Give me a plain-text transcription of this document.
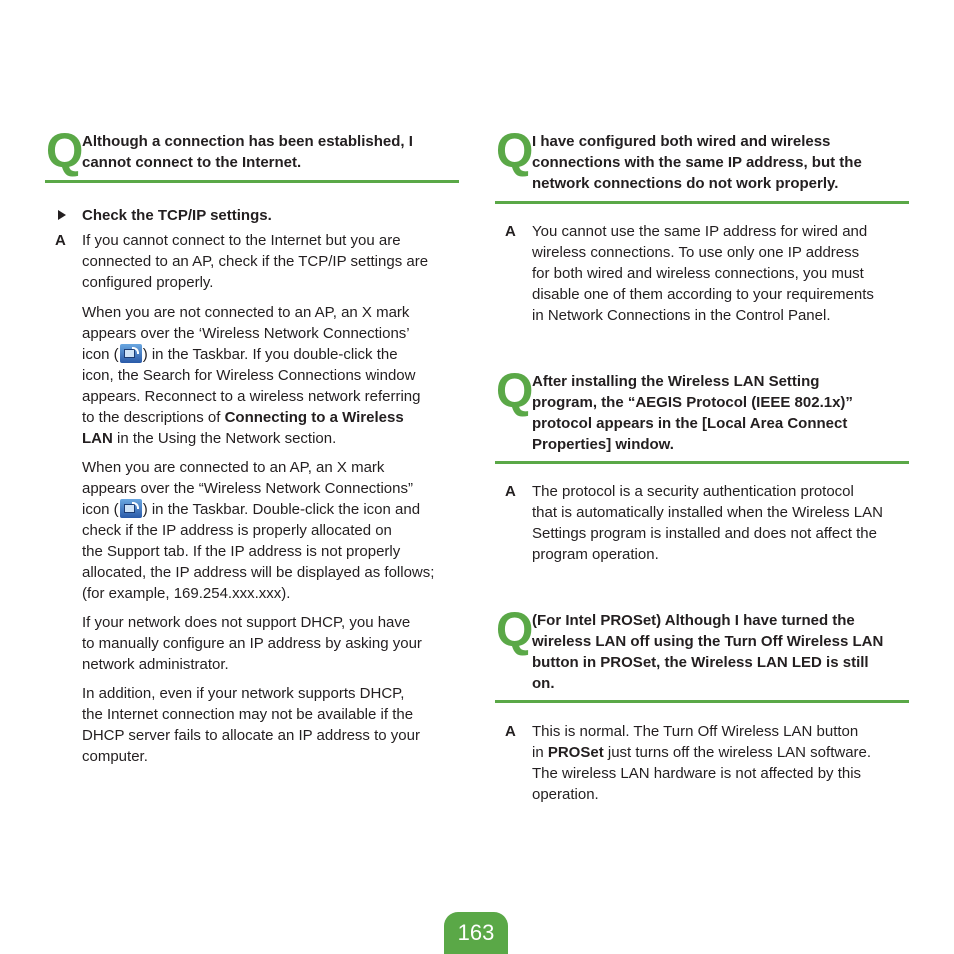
Q
Although a connection has been established, I
cannot connect to the Internet.
Check the TCP/IP settings.
A If you cannot connect to the Internet but you are
connected to an AP, check if the TCP/IP settings are
configured properly.
When you are not connected to an AP, an X mark
appears over the ‘Wireless Network Connections’
icon ( ) in the Taskbar. If you double-click the
icon, the Search for Wireless Connections window
appears. Reconnect to a wireless network referring
to the descriptions of Connecting to a Wireless
LAN in the Using the Network section.
When you are connected to an AP, an X mark
appears over the “Wireless Network Connections”
icon ( ) in the Taskbar. Double-click the icon and
check if the IP address is properly allocated on
the Support tab. If the IP address is not properly
allocated, the IP address will be displayed as follows;
(for example, 169.254.xxx.xxx).
If your network does not support DHCP, you have
to manually configure an IP address by asking your
network administrator.
In addition, even if your network supports DHCP,
the Internet connection may not be available if the
DHCP server fails to allocate an IP address to your
computer.
Q
I have configured both wired and wireless
connections with the same IP address, but the
network connections do not work properly.
A You cannot use the same IP address for wired and
wireless connections. To use only one IP address
for both wired and wireless connections, you must
disable one of them according to your requirements
in Network Connections in the Control Panel.
Q
After installing the Wireless LAN Setting
program, the “AEGIS Protocol (IEEE 802.1x)”
protocol appears in the [Local Area Connect
Properties] window.
A The protocol is a security authentication protocol
that is automatically installed when the Wireless LAN
Settings program is installed and does not affect the
program operation.
Q
(For Intel PROSet) Although I have turned the
wireless LAN off using the Turn Off Wireless LAN
button in PROSet, the Wireless LAN LED is still
on.
A This is normal. The Turn Off Wireless LAN button
in PROSet just turns off the wireless LAN software.
The wireless LAN hardware is not affected by this
operation.
163
